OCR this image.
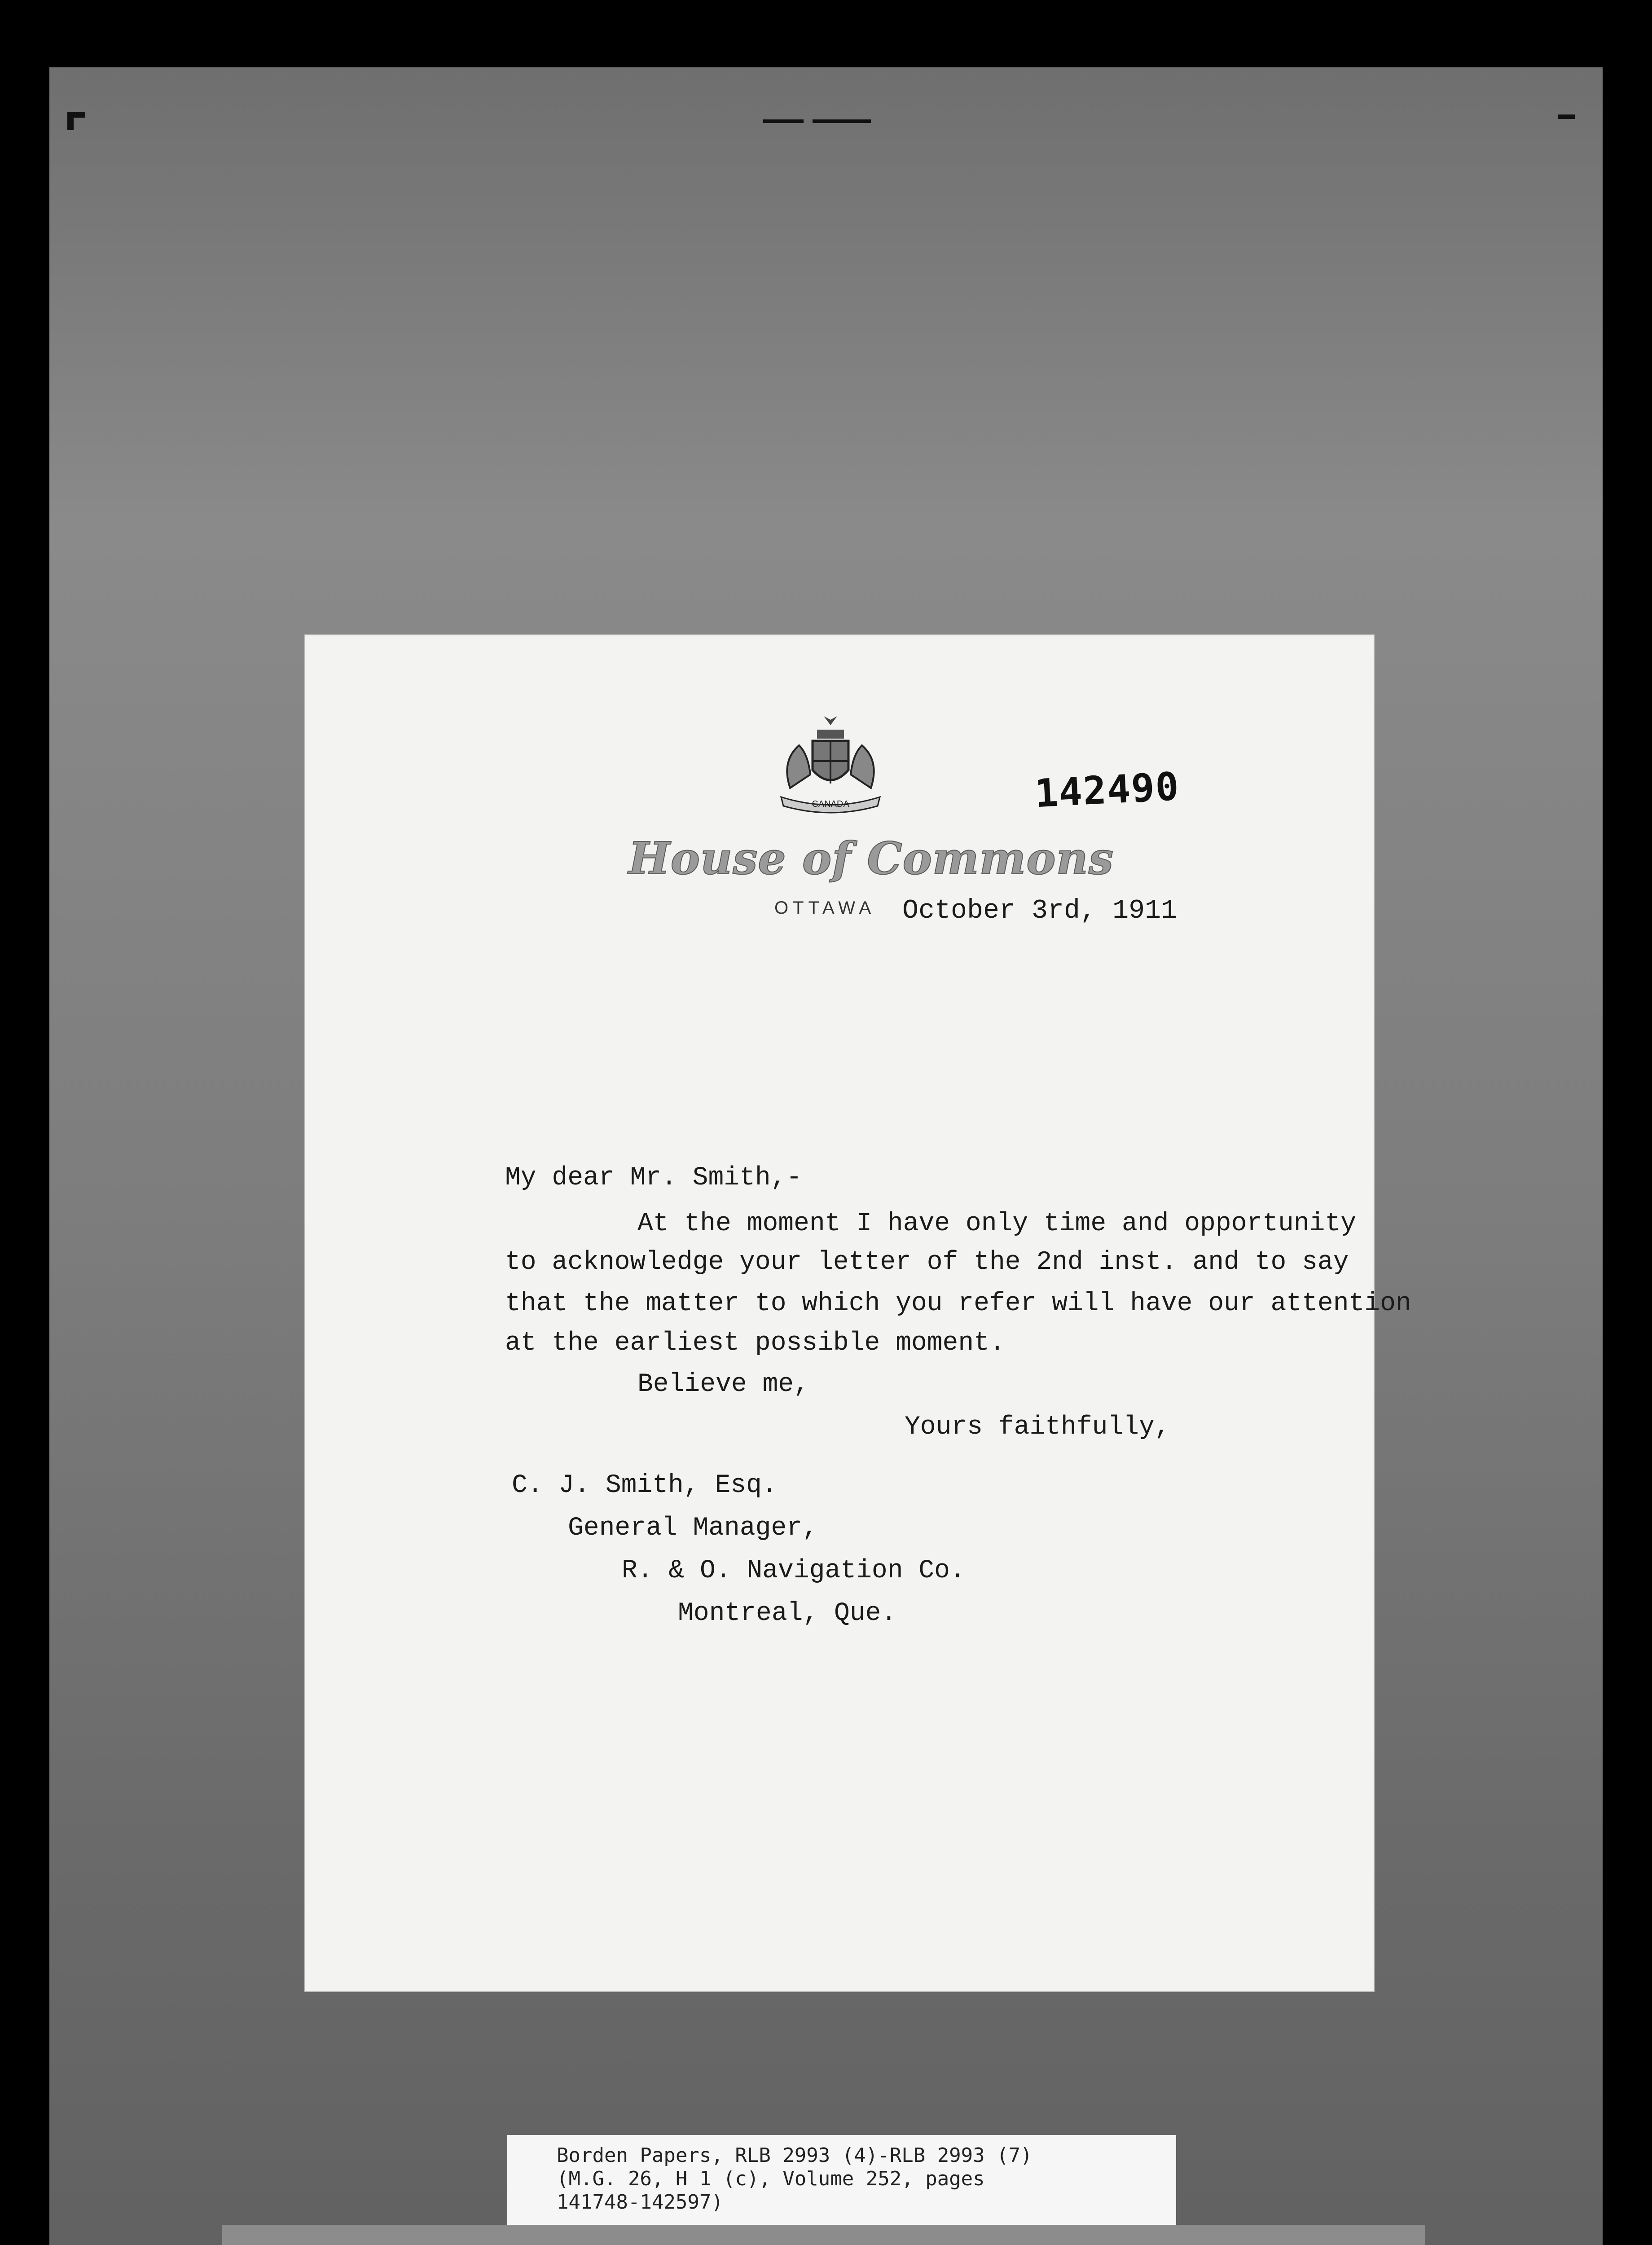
CANADA	142490
House of Commons
OTTAWA October 3rd, 1911
My dear Mr. Smith,-
At the moment I have only time and opportunity
to acknowledge your letter of the 2nd inst. and to say
that the matter to which you refer will have our attention
at the earliest possible moment.
Believe me,
Yours faithfully,
C. J. Smith, Esq.
General Manager,
R. & O. Navigation Co.
Montreal, Que.
Borden Papers, RLB 2993 (4)-RLB 2993 (7)
(M.G. 26, H 1 (c), Volume 252, pages
141748-142597)
